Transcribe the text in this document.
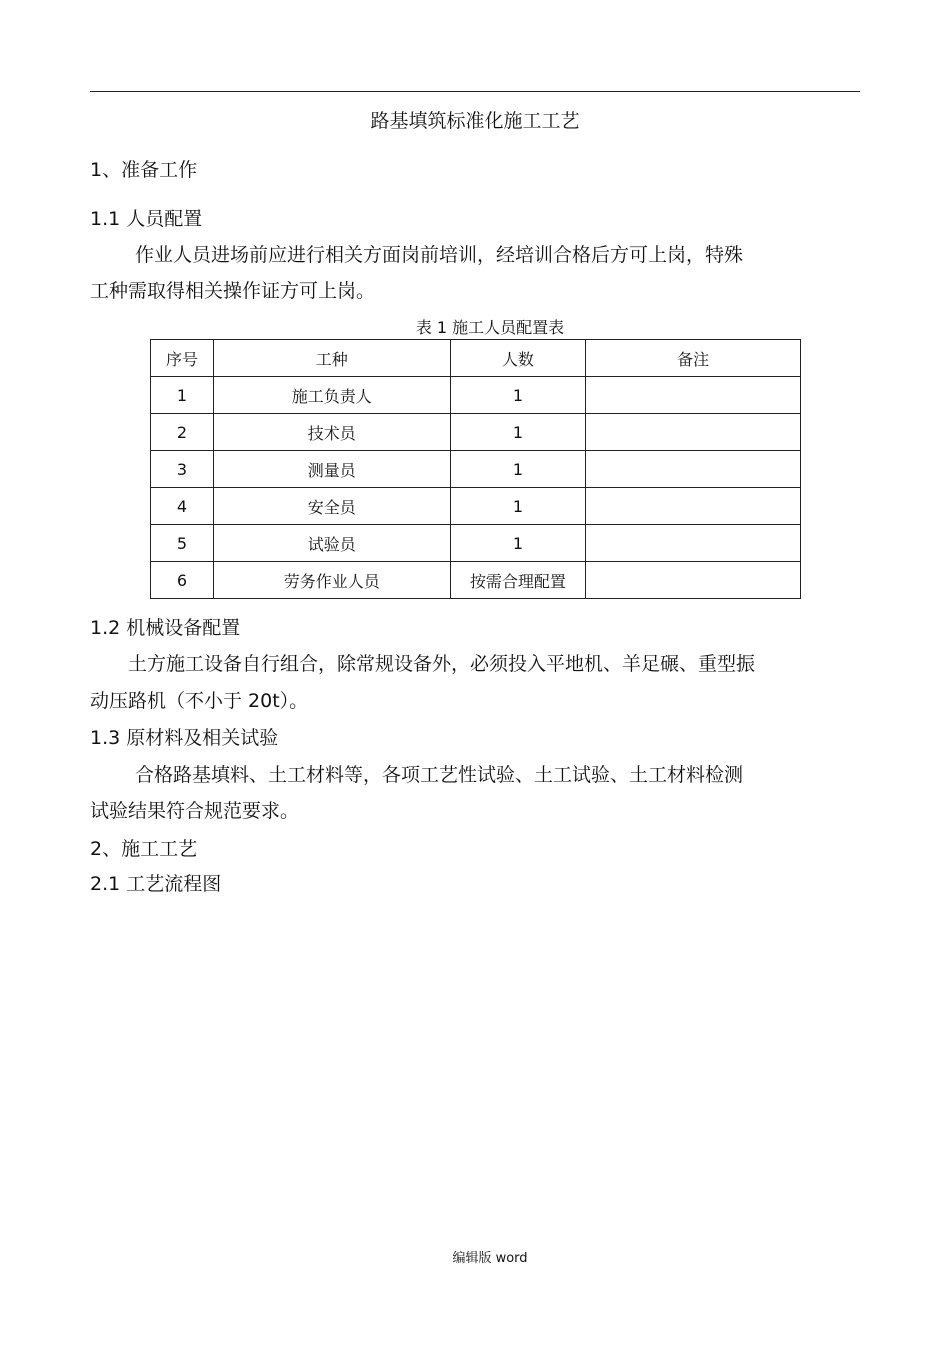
路基填筑标准化施工工艺
1、准备工作
1.1 人员配置
作业人员进场前应进行相关方面岗前培训，经培训合格后方可上岗，特殊
工种需取得相关操作证方可上岗。
表 1 施工人员配置表
序号	工种	人数	备注
1	施工负责人	1	
2	技术员	1	
3	测量员	1	
4	安全员	1	
5	试验员	1	
6	劳务作业人员	按需合理配置	
1.2 机械设备配置
土方施工设备自行组合，除常规设备外，必须投入平地机、羊足碾、重型振
动压路机（不小于 20t）。
1.3 原材料及相关试验
合格路基填料、土工材料等，各项工艺性试验、土工试验、土工材料检测
试验结果符合规范要求。
2、施工工艺
2.1 工艺流程图
编辑版 word
